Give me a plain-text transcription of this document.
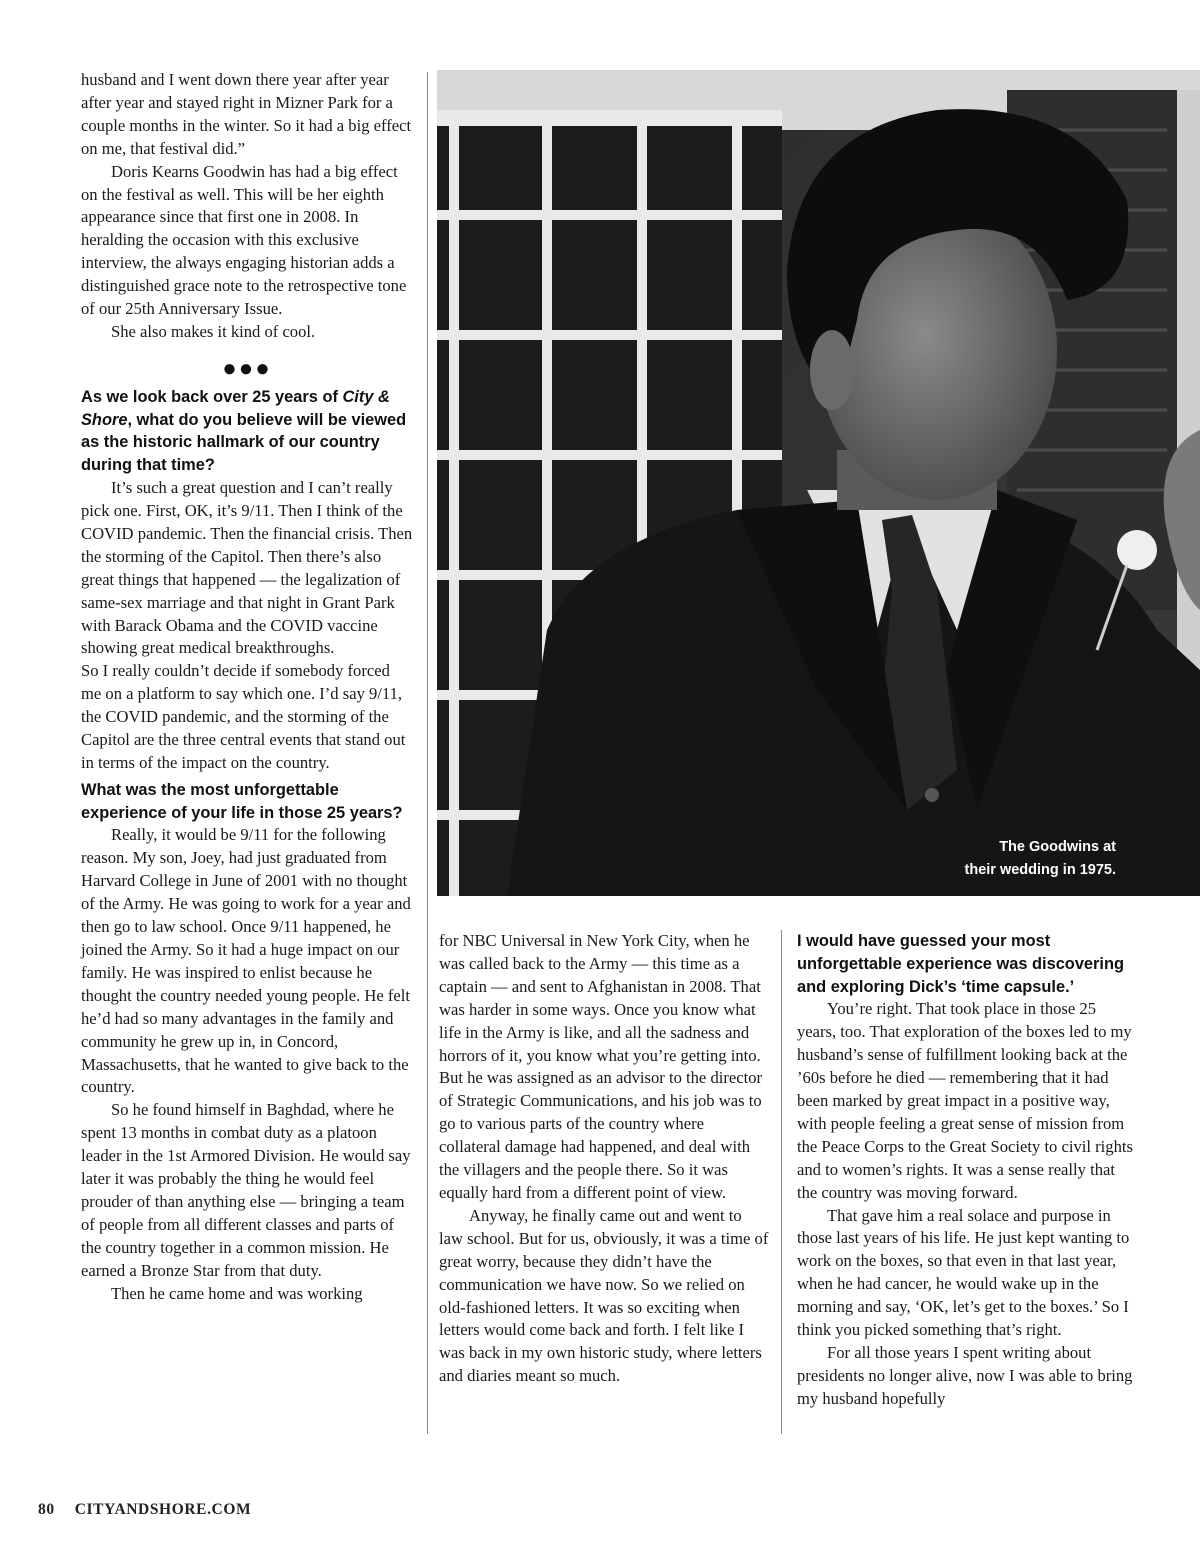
husband and I went down there year after year after year and stayed right in Mizner Park for a couple months in the winter. So it had a big effect on me, that festival did.”

Doris Kearns Goodwin has had a big effect on the festival as well. This will be her eighth appearance since that first one in 2008. In heralding the occasion with this exclusive interview, the always engaging historian adds a distinguished grace note to the retrospective tone of our 25th Anniversary Issue.

She also makes it kind of cool.

●●●
As we look back over 25 years of City & Shore, what do you believe will be viewed as the historic hallmark of our country during that time?

It’s such a great question and I can’t really pick one. First, OK, it’s 9/11. Then I think of the COVID pandemic. Then the financial crisis. Then the storming of the Capitol. Then there’s also great things that happened — the legalization of same-sex marriage and that night in Grant Park with Barack Obama and the COVID vaccine showing great medical breakthroughs.

So I really couldn’t decide if somebody forced me on a platform to say which one. I’d say 9/11, the COVID pandemic, and the storming of the Capitol are the three central events that stand out in terms of the impact on the country.

What was the most unforgettable experience of your life in those 25 years?

Really, it would be 9/11 for the following reason. My son, Joey, had just graduated from Harvard College in June of 2001 with no thought of the Army. He was going to work for a year and then go to law school. Once 9/11 happened, he joined the Army. So it had a huge impact on our family. He was inspired to enlist because he thought the country needed young people. He felt he’d had so many advantages in the family and community he grew up in, in Concord, Massachusetts, that he wanted to give back to the country.

So he found himself in Baghdad, where he spent 13 months in combat duty as a platoon leader in the 1st Armored Division. He would say later it was probably the thing he would feel prouder of than anything else — bringing a team of people from all different classes and parts of the country together in a common mission. He earned a Bronze Star from that duty.

Then he came home and was working

The Goodwins at
their wedding in 1975.

for NBC Universal in New York City, when he was called back to the Army — this time as a captain — and sent to Afghanistan in 2008. That was harder in some ways. Once you know what life in the Army is like, and all the sadness and horrors of it, you know what you’re getting into. But he was assigned as an advisor to the director of Strategic Communications, and his job was to go to various parts of the country where collateral damage had happened, and deal with the villagers and the people there. So it was equally hard from a different point of view.

Anyway, he finally came out and went to law school. But for us, obviously, it was a time of great worry, because they didn’t have the communication we have now. So we relied on old-fashioned letters. It was so exciting when letters would come back and forth. I felt like I was back in my own historic study, where letters and diaries meant so much.

I would have guessed your most unforgettable experience was discovering and exploring Dick’s ‘time capsule.’

You’re right. That took place in those 25 years, too. That exploration of the boxes led to my husband’s sense of fulfillment looking back at the ’60s before he died — remembering that it had been marked by great impact in a positive way, with people feeling a great sense of mission from the Peace Corps to the Great Society to civil rights and to women’s rights. It was a sense really that the country was moving forward.

That gave him a real solace and purpose in those last years of his life. He just kept wanting to work on the boxes, so that even in that last year, when he had cancer, he would wake up in the morning and say, ‘OK, let’s get to the boxes.’ So I think you picked something that’s right.

For all those years I spent writing about presidents no longer alive, now I was able to bring my husband hopefully

80 CITYANDSHORE.COM
